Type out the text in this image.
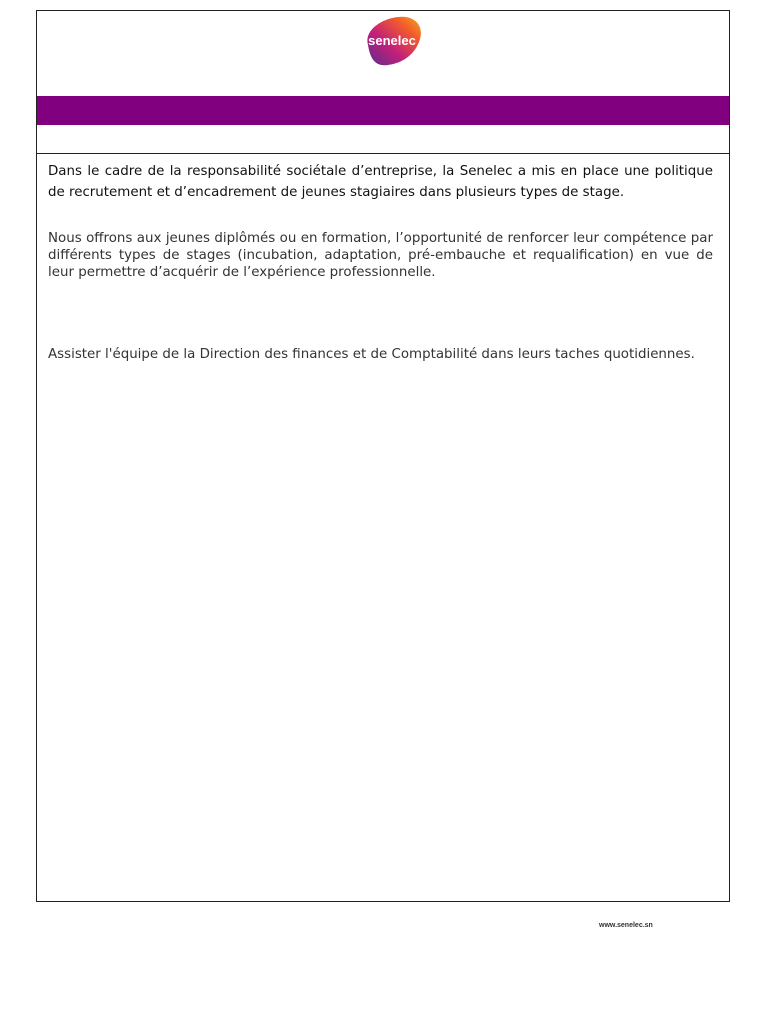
senelec

Dans le cadre de la responsabilité sociétale d’entreprise, la Senelec a mis en place une politique de recrutement et d’encadrement de jeunes stagiaires dans plusieurs types de stage.

Nous offrons aux jeunes diplômés ou en formation, l’opportunité de renforcer leur compétence par différents types de stages (incubation, adaptation, pré-embauche et requalification) en vue de leur permettre d’acquérir de l’expérience professionnelle.

Assister l'équipe de la Direction des finances et de Comptabilité dans leurs taches quotidiennes.

www.senelec.sn
